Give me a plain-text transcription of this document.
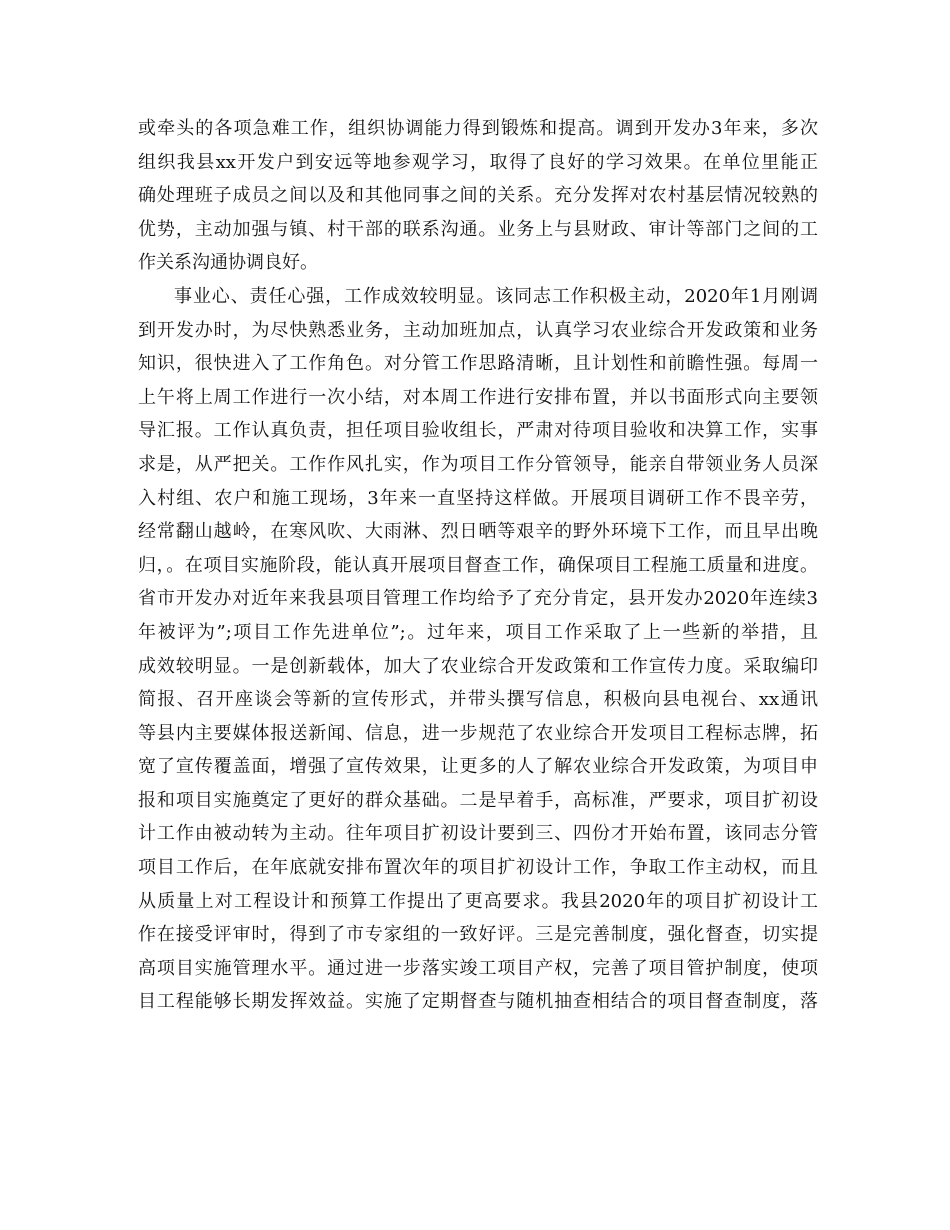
或牵头的各项急难工作，组织协调能力得到锻炼和提高。调到开发办3年来，多次
组织我县xx开发户到安远等地参观学习，取得了良好的学习效果。在单位里能正
确处理班子成员之间以及和其他同事之间的关系。充分发挥对农村基层情况较熟的
优势，主动加强与镇、村干部的联系沟通。业务上与县财政、审计等部门之间的工
作关系沟通协调良好。
事业心、责任心强，工作成效较明显。该同志工作积极主动，2020年1月刚调
到开发办时，为尽快熟悉业务，主动加班加点，认真学习农业综合开发政策和业务
知识，很快进入了工作角色。对分管工作思路清晰，且计划性和前瞻性强。每周一
上午将上周工作进行一次小结，对本周工作进行安排布置，并以书面形式向主要领
导汇报。工作认真负责，担任项目验收组长，严肃对待项目验收和决算工作，实事
求是，从严把关。工作作风扎实，作为项目工作分管领导，能亲自带领业务人员深
入村组、农户和施工现场，3年来一直坚持这样做。开展项目调研工作不畏辛劳，
经常翻山越岭，在寒风吹、大雨淋、烈日晒等艰辛的野外环境下工作，而且早出晚
归，。在项目实施阶段，能认真开展项目督查工作，确保项目工程施工质量和进度。
省市开发办对近年来我县项目管理工作均给予了充分肯定，县开发办2020年连续3
年被评为”;项目工作先进单位”;。过年来，项目工作采取了上一些新的举措，且
成效较明显。一是创新载体，加大了农业综合开发政策和工作宣传力度。采取编印
简报、召开座谈会等新的宣传形式，并带头撰写信息，积极向县电视台、xx通讯
等县内主要媒体报送新闻、信息，进一步规范了农业综合开发项目工程标志牌，拓
宽了宣传覆盖面，增强了宣传效果，让更多的人了解农业综合开发政策，为项目申
报和项目实施奠定了更好的群众基础。二是早着手，高标准，严要求，项目扩初设
计工作由被动转为主动。往年项目扩初设计要到三、四份才开始布置，该同志分管
项目工作后，在年底就安排布置次年的项目扩初设计工作，争取工作主动权，而且
从质量上对工程设计和预算工作提出了更高要求。我县2020年的项目扩初设计工
作在接受评审时，得到了市专家组的一致好评。三是完善制度，强化督查，切实提
高项目实施管理水平。通过进一步落实竣工项目产权，完善了项目管护制度，使项
目工程能够长期发挥效益。实施了定期督查与随机抽查相结合的项目督查制度，落
